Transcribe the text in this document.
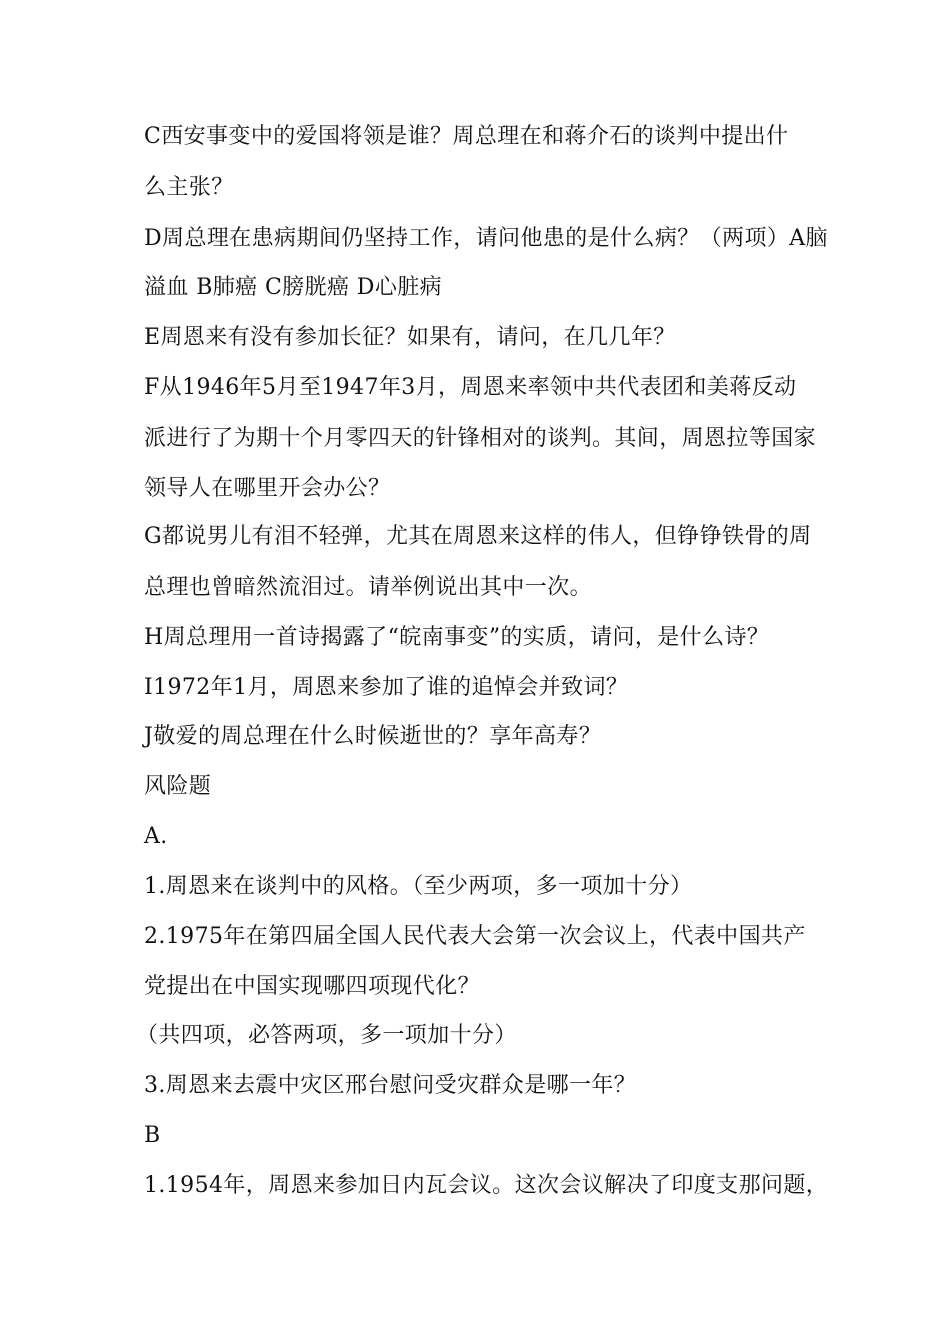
C西安事变中的爱国将领是谁？周总理在和蒋介石的谈判中提出什
么主张？
D周总理在患病期间仍坚持工作，请问他患的是什么病？（两项）A脑
溢血 B肺癌 C膀胱癌 D心脏病
E周恩来有没有参加长征？如果有，请问，在几几年？
F从1946年5月至1947年3月，周恩来率领中共代表团和美蒋反动
派进行了为期十个月零四天的针锋相对的谈判。其间，周恩拉等国家
领导人在哪里开会办公？
G都说男儿有泪不轻弹，尤其在周恩来这样的伟人，但铮铮铁骨的周
总理也曾暗然流泪过。请举例说出其中一次。
H周总理用一首诗揭露了“皖南事变”的实质，请问，是什么诗？
I1972年1月，周恩来参加了谁的追悼会并致词？
J敬爱的周总理在什么时候逝世的？享年高寿？
风险题
A.
1.周恩来在谈判中的风格。（至少两项，多一项加十分）
2.1975年在第四届全国人民代表大会第一次会议上，代表中国共产
党提出在中国实现哪四项现代化？
（共四项，必答两项，多一项加十分）
3.周恩来去震中灾区邢台慰问受灾群众是哪一年？
B
1.1954年，周恩来参加日内瓦会议。这次会议解决了印度支那问题，
